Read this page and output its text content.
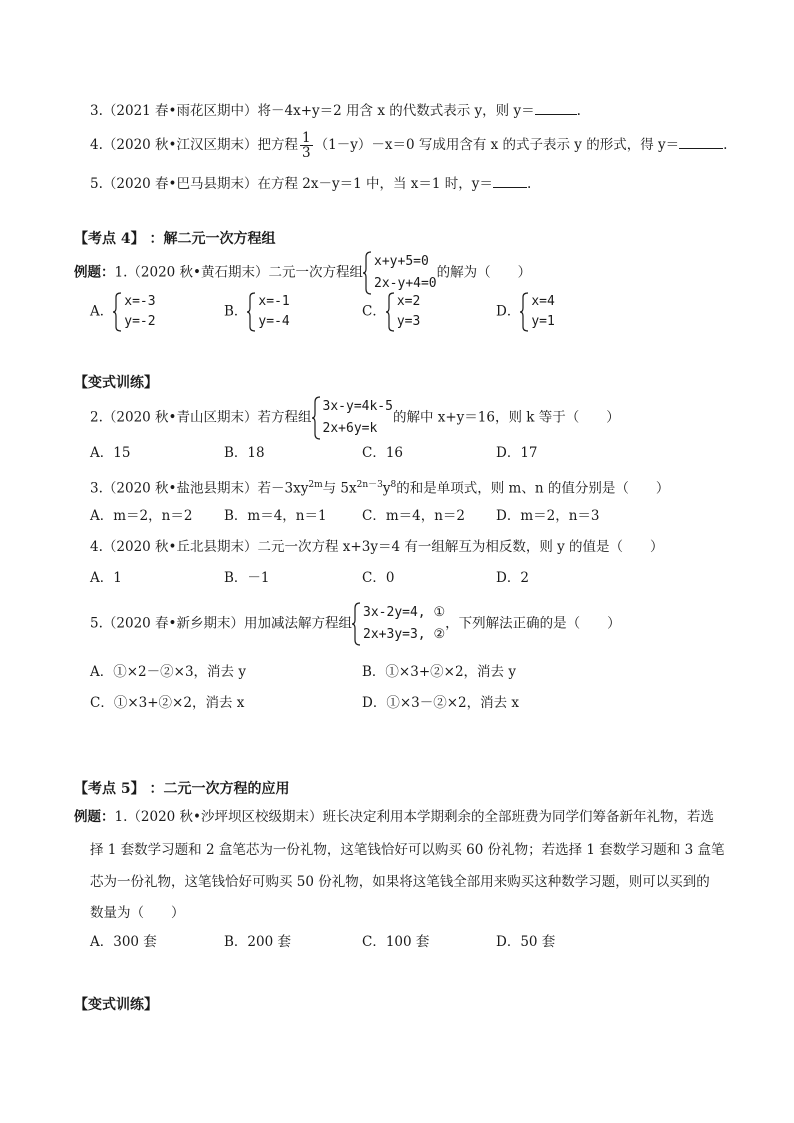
3.（2021 春•雨花区期中）将－4x+y＝2 用含 x 的代数式表示 y，则 y＝	.
4.（2020 秋•江汉区期末）把方程 $\frac{1}{3} (1-y)-x=0$ 写成用含有 x 的式子表示 y 的形式，得 y＝	.
5.（2020 春•巴马县期末）在方程 2x－y＝1 中，当 x＝1 时，y＝	.
【考点 4】 ：解二元一次方程组
例题：1.（2020 秋•黄石期末）二元一次方程组
x+y+5=0
2x-y+4=0
的解为（　　）
A．
x=-3
y=-2
B．
x=-1
y=-4
C．
x=2
y=3
D．
x=4
y=1
【变式训练】
2.（2020 秋•青山区期末）若方程组
3x-y=4k-5
2x+6y=k
的解中 x+y＝16，则 k 等于（　　）
A．15	B．18	C．16	D．17
3.（2020 秋•盐池县期末）若$-3xy^{2m}$与 $5x^{2n-3}y^8$的和是单项式，则 m、n 的值分别是（　　）
A．m＝2，n＝2 B．m＝4，n＝1	C．m＝4，n＝2 D．m＝2，n＝3
4.（2020 秋•丘北县期末）二元一次方程 x+3y＝4 有一组解互为相反数，则 y 的值是（　　）
A．1	B．－1	C．0	D．2
5.（2020 春•新乡期末）用加减法解方程组
3x-2y=4, ①
2x+3y=3, ②
，下列解法正确的是（　　）
A．①×2－②×3，消去 y	B．①×3+②×2，消去 y
C．①×3+②×2，消去 x	D．①×3－②×2，消去 x
【考点 5】 ：二元一次方程的应用
例题：1.（2020 秋•沙坪坝区校级期末）班长决定利用本学期剩余的全部班费为同学们筹备新年礼物，若选
择 1 套数学习题和 2 盒笔芯为一份礼物，这笔钱恰好可以购买 60 份礼物；若选择 1 套数学习题和 3 盒笔
芯为一份礼物，这笔钱恰好可购买 50 份礼物，如果将这笔钱全部用来购买这种数学习题，则可以买到的
数量为（　　）
A．300 套	B．200 套	C．100 套	D．50 套
【变式训练】
